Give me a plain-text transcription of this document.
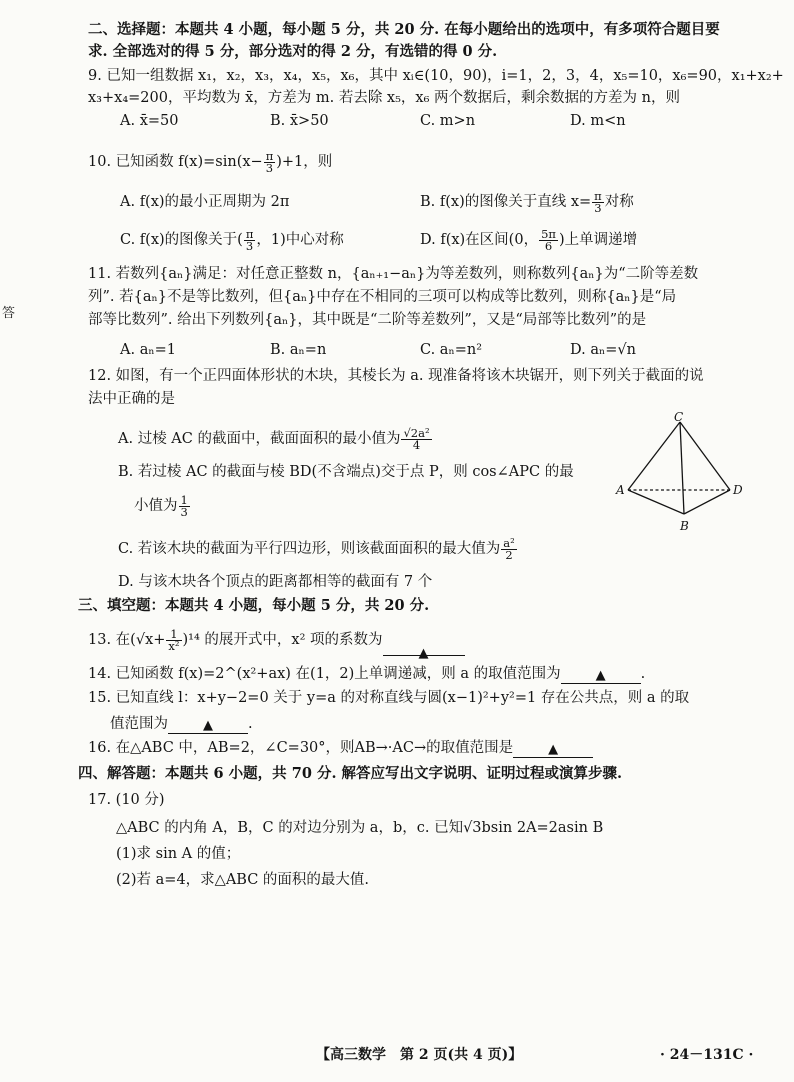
二、选择题：本题共 4 小题，每小题 5 分，共 20 分. 在每小题给出的选项中，有多项符合题目要
求. 全部选对的得 5 分，部分选对的得 2 分，有选错的得 0 分.
9. 已知一组数据 x₁，x₂，x₃，x₄，x₅，x₆，其中 xᵢ∈(10，90)，i=1，2，3，4，x₅=10，x₆=90，x₁+x₂+
x₃+x₄=200，平均数为 x̄，方差为 m. 若去除 x₅，x₆ 两个数据后，剩余数据的方差为 n，则
A. x̄=50	B. x̄>50	C. m>n	D. m<n
10. 已知函数 $f(x)=\sin(x- \frac{\pi}{3} )+1$，则
A. f(x)的最小正周期为 2π	B. f(x)的图像关于直线 $x= \frac{\pi}{3}$ 对称
C. f(x)的图像关于( $\frac{\pi}{3}$ ，1)中心对称	D. f(x)在区间(0， $\frac{5\pi}{6}$ )上单调递增
11. 若数列{aₙ}满足：对任意正整数 n，{aₙ₊₁−aₙ}为等差数列，则称数列{aₙ}为“二阶等差数
列”. 若{aₙ}不是等比数列，但{aₙ}中存在不相同的三项可以构成等比数列，则称{aₙ}是“局
部等比数列”. 给出下列数列{aₙ}，其中既是“二阶等差数列”，又是“局部等比数列”的是
A. aₙ=1	B. aₙ=n	C. aₙ=n²	D. aₙ=√n
答
12. 如图，有一个正四面体形状的木块，其棱长为 a. 现准备将该木块锯开，则下列关于截面的说
法中正确的是
A. 过棱 AC 的截面中，截面面积的最小值为 $\frac{\text{√2a²}}{4}$
B. 若过棱 AC 的截面与棱 BD(不含端点)交于点 P，则 cos∠APC 的最
小值为 $\frac{1}{3}$
C. 若该木块的截面为平行四边形，则该截面面积的最大值为 $\frac{\text{a²}}{2}$
D. 与该木块各个顶点的距离都相等的截面有 7 个
C
A	D
B
三、填空题：本题共 4 小题，每小题 5 分，共 20 分.
13. 在$(√x+ \frac{1}{\text{x²}} )^{14}$ 的展开式中，x² 项的系数为▲
14. 已知函数 f(x)=2^(x²+ax) 在(1，2)上单调递减，则 a 的取值范围为	▲ .
15. 已知直线 l：x+y−2=0 关于 y=a 的对称直线与圆(x−1)²+y²=1 存在公共点，则 a 的取
值范围为	▲ .
16. 在△ABC 中，AB=2，∠C=30°，则AB→·AC→的取值范围是	▲
四、解答题：本题共 6 小题，共 70 分. 解答应写出文字说明、证明过程或演算步骤.
17. (10 分)
△ABC 的内角 A，B，C 的对边分别为 a，b，c. 已知√3bsin 2A=2asin B
(1)求 sin A 的值；
(2)若 a=4，求△ABC 的面积的最大值.
【高三数学　第 2 页(共 4 页)】	· 24－131C ·
